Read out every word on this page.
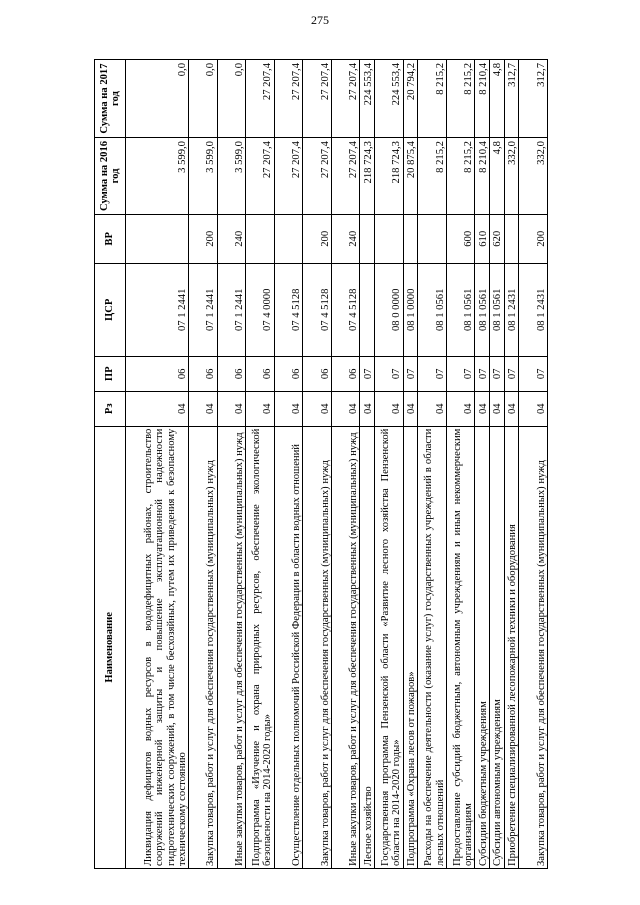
275
Наименование	Рз	ПР	ЦСР	ВР	Сумма на 2016 год	Сумма на 2017 год
Ликвидация дефицитов водных ресурсов в вододефицитных районах, строительство сооружений инженерной защиты и повышение эксплуатационной надежности гидротехнических сооружений, в том числе бесхозяйных, путем их приведения к безопасному техническому состоянию	04	06	07 1 2441		3 599,0	0,0
Закупка товаров, работ и услуг для обеспечения государственных (муниципальных) нужд	04	06	07 1 2441	200	3 599,0	0,0
Иные закупки товаров, работ и услуг для обеспечения государственных (муниципальных) нужд	04	06	07 1 2441	240	3 599,0	0,0
Подпрограмма «Изучение и охрана природных ресурсов, обеспечение экологической безопасности на 2014-2020 годы»	04	06	07 4 0000		27 207,4	27 207,4
Осуществление отдельных полномочий Российской Федерации в области водных отношений	04	06	07 4 5128		27 207,4	27 207,4
Закупка товаров, работ и услуг для обеспечения государственных (муниципальных) нужд	04	06	07 4 5128	200	27 207,4	27 207,4
Иные закупки товаров, работ и услуг для обеспечения государственных (муниципальных) нужд	04	06	07 4 5128	240	27 207,4	27 207,4
Лесное хозяйство	04	07			218 724,3	224 553,4
Государственная программа Пензенской области «Развитие лесного хозяйства Пензенской области на 2014-2020 годы»	04	07	08 0 0000		218 724,3	224 553,4
Подпрограмма «Охрана лесов от пожаров»	04	07	08 1 0000		20 875,4	20 794,2
Расходы на обеспечение деятельности (оказание услуг) государственных учреждений в области лесных отношений	04	07	08 1 0561		8 215,2	8 215,2
Предоставление субсидий бюджетным, автономным учреждениям и иным некоммерческим организациям	04	07	08 1 0561	600	8 215,2	8 215,2
Субсидии бюджетным учреждениям	04	07	08 1 0561	610	8 210,4	8 210,4
Субсидии автономным учреждениям	04	07	08 1 0561	620	4,8	4,8
Приобретение специализированной лесопожарной техники и оборудования	04	07	08 1 2431		332,0	312,7
Закупка товаров, работ и услуг для обеспечения государственных (муниципальных) нужд	04	07	08 1 2431	200	332,0	312,7
